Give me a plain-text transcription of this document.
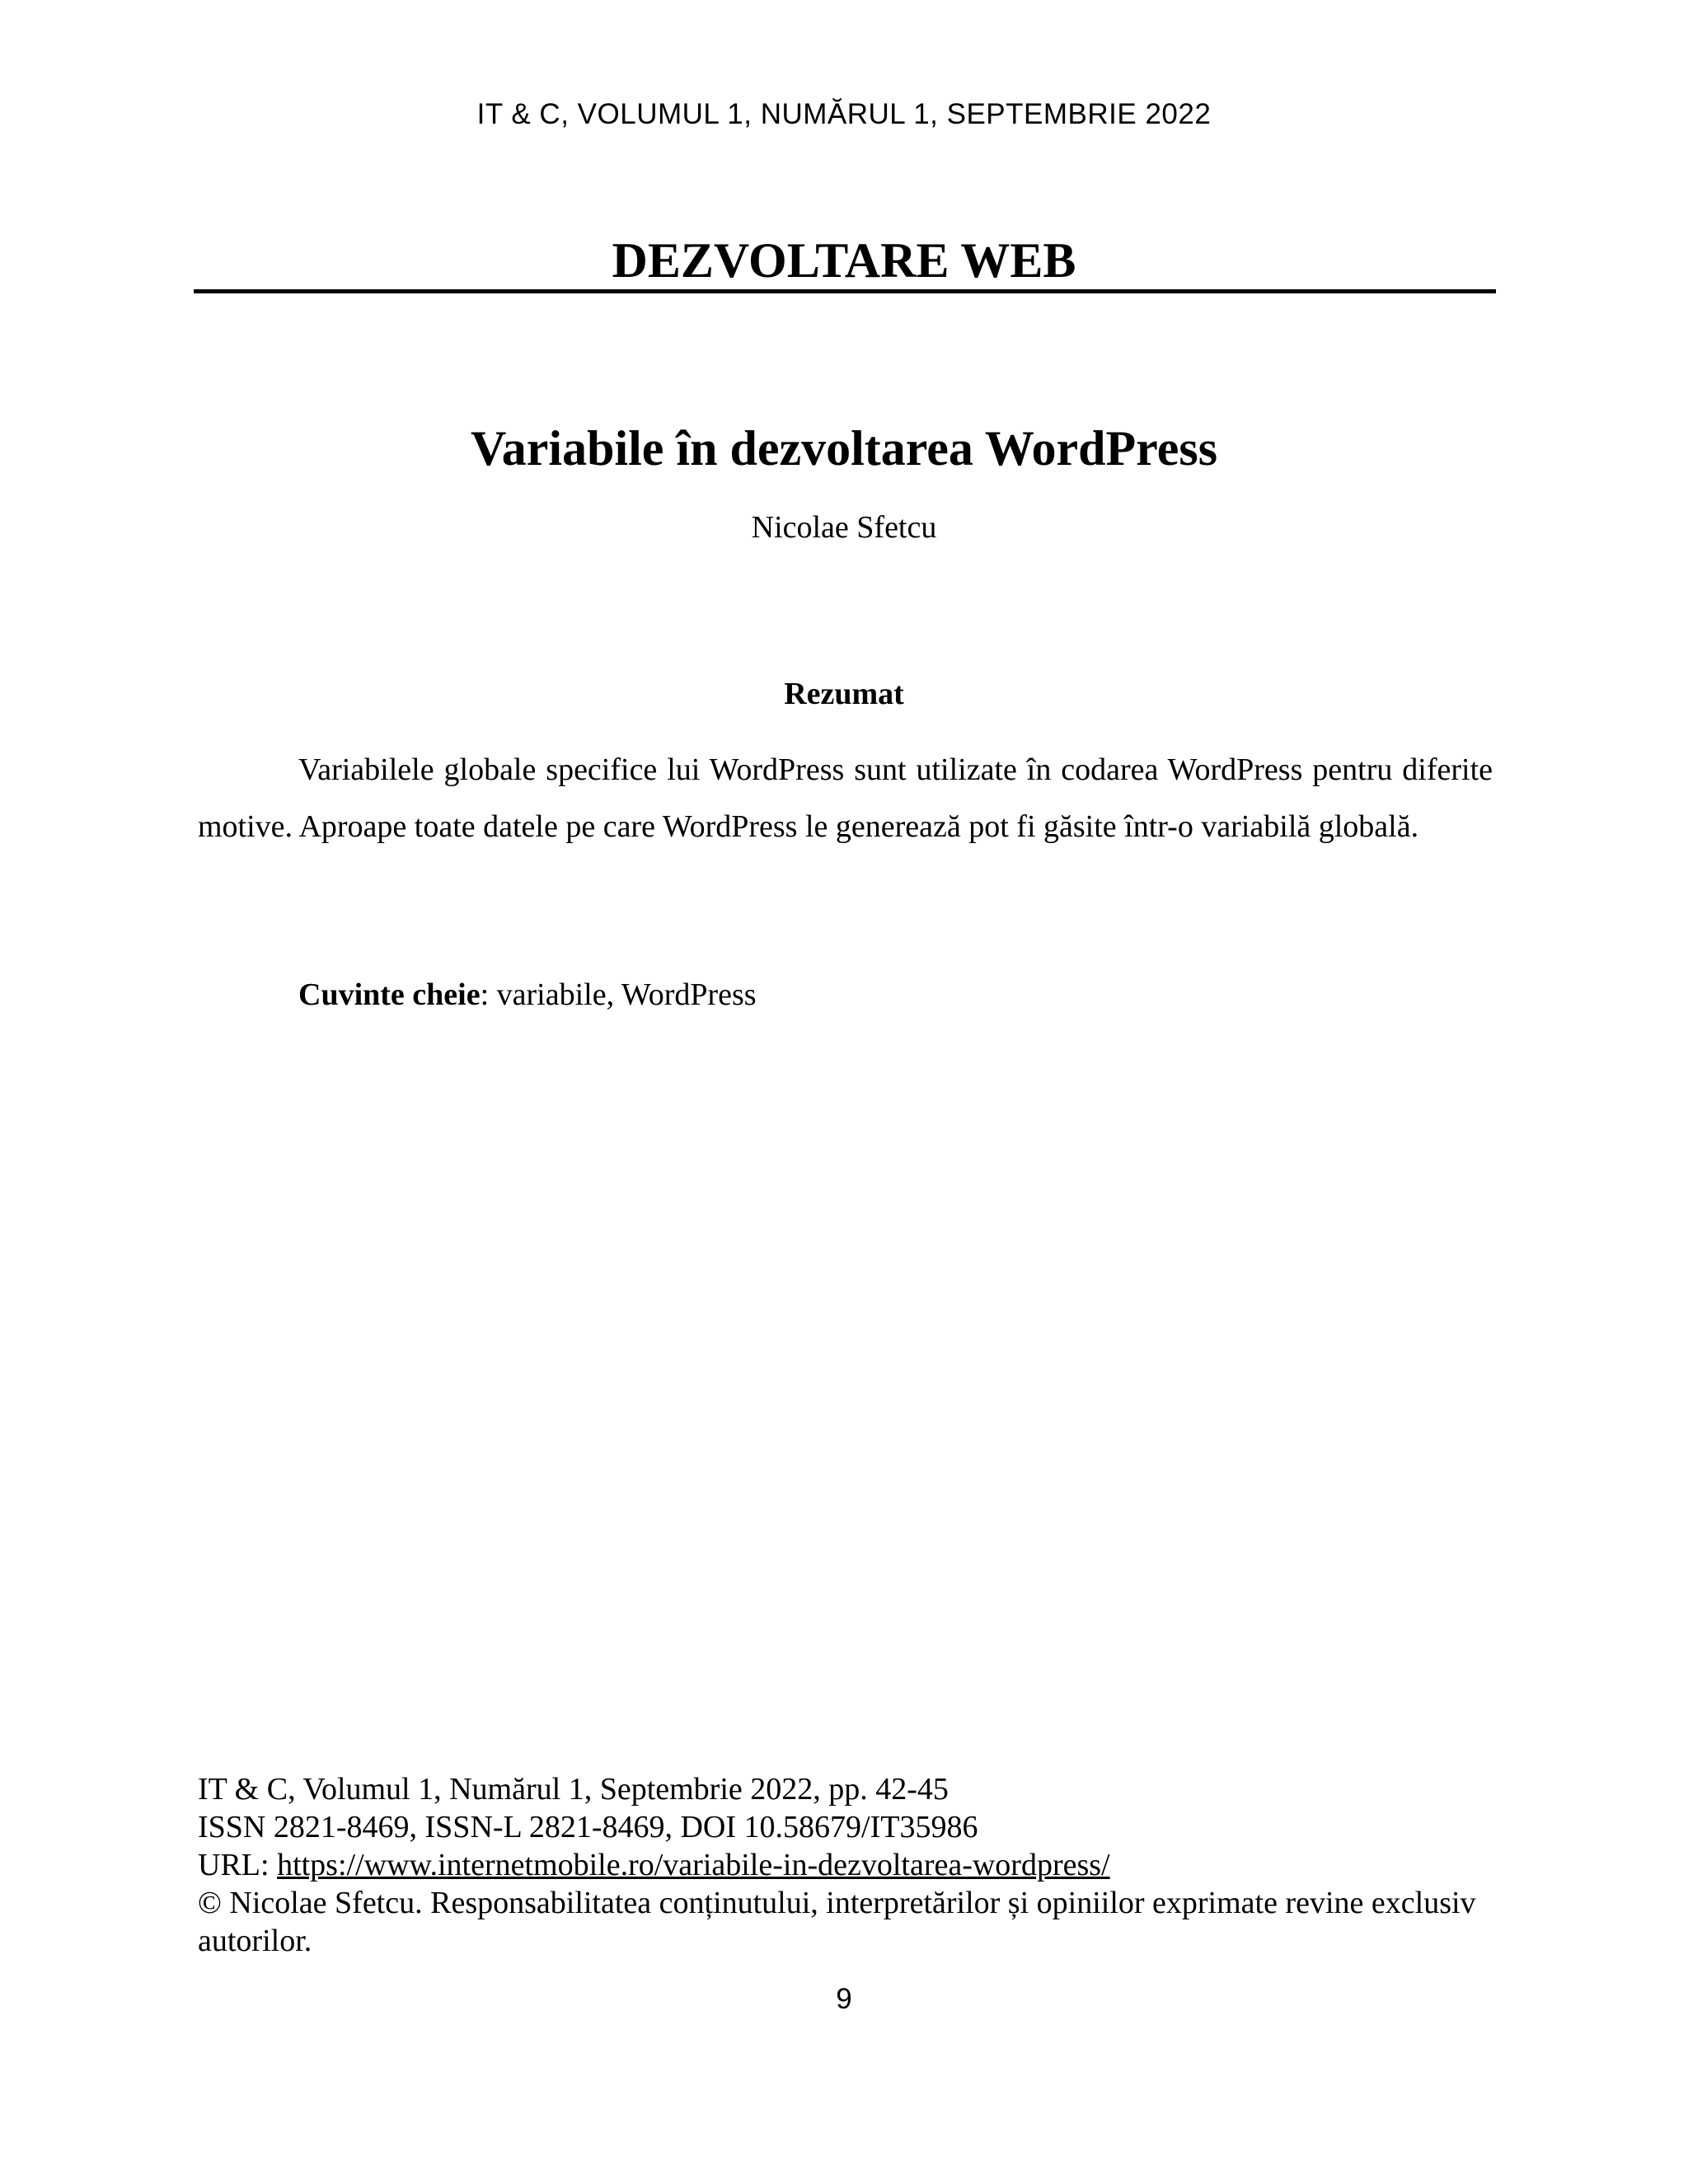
IT & C, VOLUMUL 1, NUMĂRUL 1, SEPTEMBRIE 2022
DEZVOLTARE WEB
Variabile în dezvoltarea WordPress
Nicolae Sfetcu
Rezumat

Variabilele globale specifice lui WordPress sunt utilizate în codarea WordPress pentru diferite motive. Aproape toate datele pe care WordPress le generează pot fi găsite într-o variabilă globală.

Cuvinte cheie: variabile, WordPress

IT & C, Volumul 1, Numărul 1, Septembrie 2022, pp. 42-45
ISSN 2821-8469, ISSN-L 2821-8469, DOI 10.58679/IT35986
URL: https://www.internetmobile.ro/variabile-in-dezvoltarea-wordpress/
© Nicolae Sfetcu. Responsabilitatea conținutului, interpretărilor și opiniilor exprimate revine exclusiv autorilor.
9
